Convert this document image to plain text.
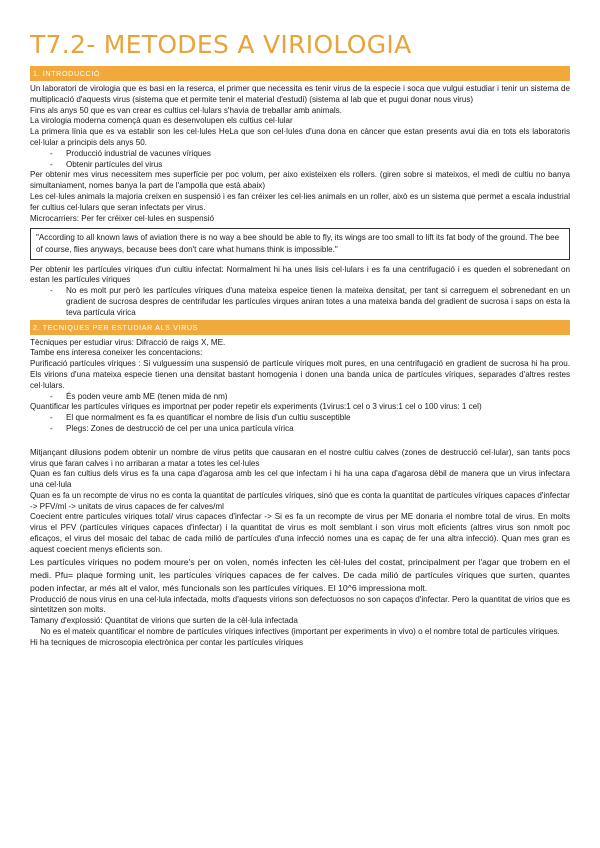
T7.2- METODES A VIRIOLOGIA
1. INTRODUCCIÓ

Un laboratori de virologia que es basi en la reserca, el primer que necessita es tenir virus de la especie i soca que vulgui estudiar i tenir un sistema de multiplicació d'aquests virus (sistema que et permite tenir el material d'estudi) (sistema al lab que et pugui donar nous virus)

Fins als anys 50 que es van crear es cultius cel·lulars s'havia de treballar amb animals.

La virologia moderna començà quan es desenvolupen els cultius cel·lular

La primera línia que es va establir son les cel·lules HeLa que son cel·lules d'una dona en càncer que estan presents avui dia en tots els laboratoris cel·lular a principis dels anys 50.

- Producció industrial de vacunes víriques
- Obtenir partícules del virus

Per obtenir mes virus necessitem mes superfície per poc volum, per aixo existeixen els rollers. (giren sobre si mateixos, el medi de cultiu no banya simultaniament, nomes banya la part de l'ampolla que està abaix)

Les cel·lules animals la majoria creixen en suspensió i es fan créixer les cel·lies animals en un roller, això es un sistema que permet a escala industrial fer cultius cel·lulars que seran infectats per virus.

Microcarriers: Per fer créixer cel·lules en suspensió

"According to all known laws of aviation there is no way a bee should be able to fly, its wings are too small to lift its fat body of the ground. The bee of course, flies anyways, because bees don't care what humans think is impossible."

Per obtenir les partícules víriques d'un cultiu infectat: Normalment hi ha unes lisis cel·lulars i es fa una centrifugació i es queden el sobrenedant on estan les partícules víriques

- No es molt pur però les partícules víriques d'una mateixa espeice tienen la mateixa densitat, per tant si carreguem el sobrenedant en un gradient de sucrosa despres de centrifudar les partícules virques aniran totes a una mateixa banda del gradient de sucrosa i saps on esta la teva partícula virica
2. TECNIQUES PER ESTUDIAR ALS VIRUS

Tècniques per estudiar virus: Difracció de raigs X, ME.

Tambe ens interesa coneixer les concentacions:

Purificació partícules víriques : Si vulguessim una suspensió de partícule víriques molt pures, en una centrifugació en gradient de sucrosa hi ha prou. Els virions d'una mateixa especie tienen una densitat bastant homogenia i donen una banda unica de partícules víriques, separades d'altres restes cel·lulars.

- És poden veure amb ME (tenen mida de nm)

Quantificar les partícules víriques es importnat per poder repetir els experiments (1virus:1 cel o 3 virus:1 cel o 100 virus: 1 cel)

- El que normalment es fa es quantificar el nombre de lisis d'un cultiu susceptible
- Plegs: Zones de destrucció de cel per una unica partícula vírica

Mitjançant dilusions podem obtenir un nombre de virus petits que causaran en el nostre cultiu calves (zones de destrucció cel·lular), san tants pocs virus que faran calves i no arribaran a matar a totes les cel·lules

Quan es fan cultius dels virus es fa una capa d'agarosa amb les cel que infectam i hi ha una capa d'agarosa dèbil de manera que un virus infectara una cel·lula

Quan es fa un recompte de virus no es conta la quantitat de partícules víriques, sinó que es conta la quantitat de partícules víriques capaces d'infectar -> PFV/ml -> unitats de virus capaces de fer calves/ml

Coecient entre partícules víriques total/ virus capaces d'infectar -> Si es fa un recompte de virus per ME donaria el nombre total de virus. En molts virus el PFV (partícules víriques capaces d'infectar) i la quantitat de virus es molt semblant i son virus molt eficients (altres virus son nmolt poc eficaços, el virus del mosaic del tabac de cada milió de partícules d'una infecció nomes una es capaç de fer una altra infecció). Quan mes gran es aquest coecient menys eficients son.

Les partícules víriques no podem moure's per on volen, només infecten les cèl·lules del costat, principalment per l'agar que trobem en el medi. Pfu= plaque forming unit, les partícules víriques capaces de fer calves. De cada milió de partícules víriques que surten, quantes poden infectar, ar més alt el valor, més funcionals son les partícules víriques. El 10^6 impressiona molt.

Producció de nous virus en una cel·lula infectada, molts d'aquests virions son defectuosos no son capaços d'infectar. Pero la quantitat de virios que es sintetitzen son molts.

Tamany d'explossió: Quantitat de virions que surten de la cèl·lula infectada

No es el mateix quantificar el nombre de partícules víriques infectives (important per experiments in vivo) o el nombre total de partícules víriques.

Hi ha tecniques de microscopia electrònica per contar les partícules víriques
